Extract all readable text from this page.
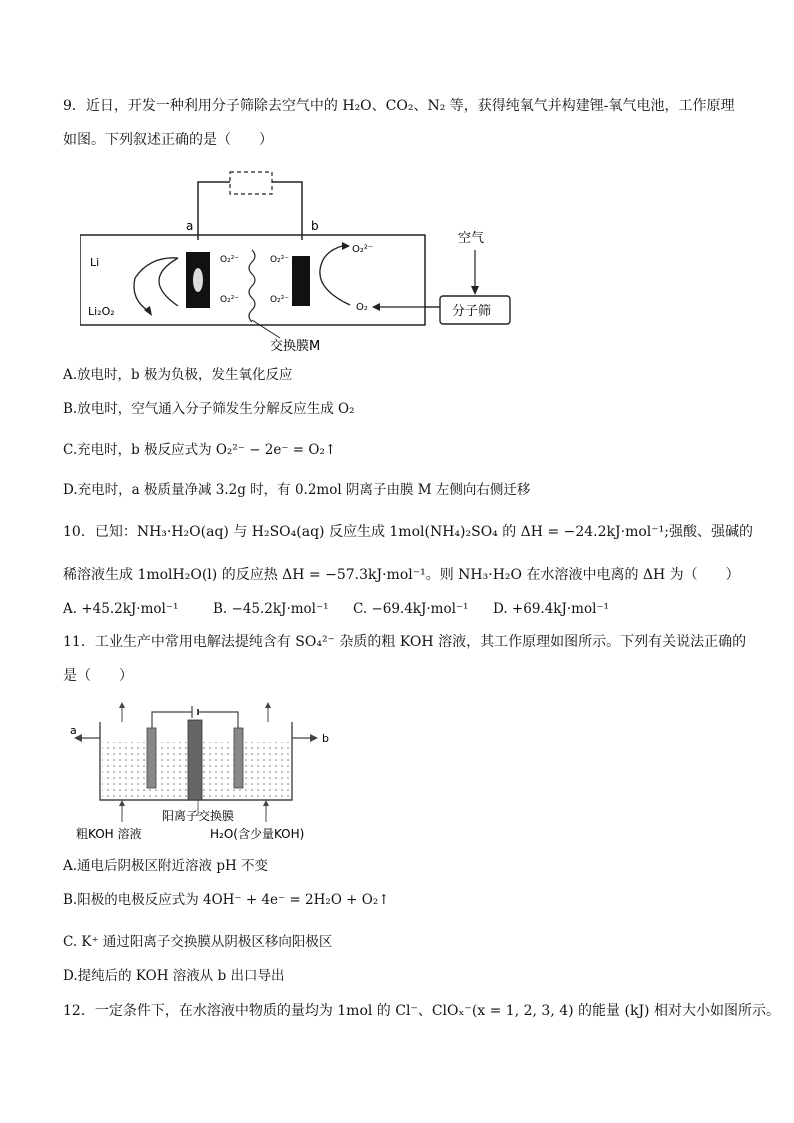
9．近日，开发一种利用分子筛除去空气中的 H₂O、CO₂、N₂ 等，获得纯氧气并构建锂-氧气电池，工作原理
如图。下列叙述正确的是（　　）
a	b
交换膜M
Li
Li₂O₂
O₂²⁻
O₂²⁻
O₂²⁻
O₂²⁻
O₂²⁻
O₂	分子筛
空气
A.放电时，b 极为负极，发生氧化反应
B.放电时，空气通入分子筛发生分解反应生成 O₂
C.充电时，b 极反应式为 O₂²⁻ − 2e⁻ = O₂↑
D.充电时，a 极质量净减 3.2g 时，有 0.2mol 阴离子由膜 M 左侧向右侧迁移
10．已知：NH₃·H₂O(aq) 与 H₂SO₄(aq) 反应生成 1mol(NH₄)₂SO₄ 的 ΔH = −24.2kJ·mol⁻¹;强酸、强碱的
稀溶液生成 1molH₂O(l) 的反应热 ΔH = −57.3kJ·mol⁻¹。则 NH₃·H₂O 在水溶液中电离的 ΔH 为（　　）
A. +45.2kJ·mol⁻¹	B. −45.2kJ·mol⁻¹ C. −69.4kJ·mol⁻¹ D. +69.4kJ·mol⁻¹
11．工业生产中常用电解法提纯含有 SO₄²⁻ 杂质的粗 KOH 溶液，其工作原理如图所示。下列有关说法正确的
是（　　）
a
b
阳离子交换膜
粗KOH 溶液	H₂O(含少量KOH)
A.通电后阴极区附近溶液 pH 不变
B.阳极的电极反应式为 4OH⁻ + 4e⁻ = 2H₂O + O₂↑
C. K⁺ 通过阳离子交换膜从阴极区移向阳极区
D.提纯后的 KOH 溶液从 b 出口导出
12．一定条件下，在水溶液中物质的量均为 1mol 的 Cl⁻、ClOₓ⁻(x = 1, 2, 3, 4) 的能量 (kJ) 相对大小如图所示。
